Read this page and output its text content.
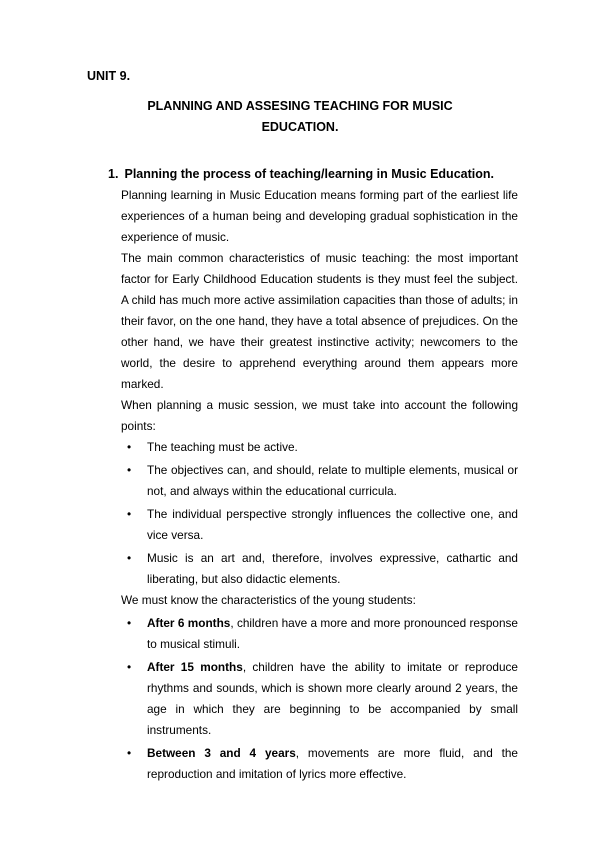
UNIT 9.
PLANNING AND ASSESING TEACHING FOR MUSIC EDUCATION.
1. Planning the process of teaching/learning in Music Education.

Planning learning in Music Education means forming part of the earliest life experiences of a human being and developing gradual sophistication in the experience of music.

The main common characteristics of music teaching: the most important factor for Early Childhood Education students is they must feel the subject. A child has much more active assimilation capacities than those of adults; in their favor, on the one hand, they have a total absence of prejudices. On the other hand, we have their greatest instinctive activity; newcomers to the world, the desire to apprehend everything around them appears more marked.

When planning a music session, we must take into account the following points:

• The teaching must be active.
• The objectives can, and should, relate to multiple elements, musical or not, and always within the educational curricula.
• The individual perspective strongly influences the collective one, and vice versa.
• Music is an art and, therefore, involves expressive, cathartic and liberating, but also didactic elements.

We must know the characteristics of the young students:

• After 6 months, children have a more and more pronounced response to musical stimuli.
• After 15 months, children have the ability to imitate or reproduce rhythms and sounds, which is shown more clearly around 2 years, the age in which they are beginning to be accompanied by small instruments.
• Between 3 and 4 years, movements are more fluid, and the reproduction and imitation of lyrics more effective.
